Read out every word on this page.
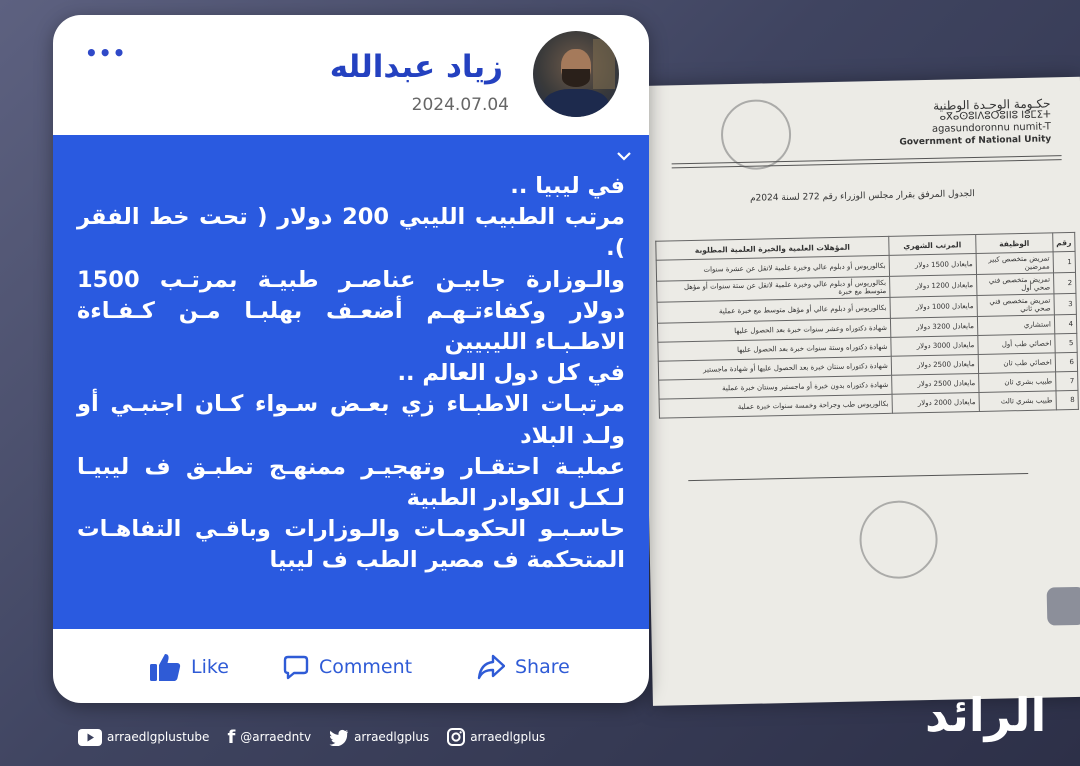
حكـومة الوحـدة الوطنية
ⴰⴳⴰⵙⵓⵏⴷⵓⵔⵓⵏⵏⵓ ⵏⵓⵎⵉⵜ
agasundoronnu numit-T
Government of National Unity
الجدول المرفق بقرار مجلس الوزراء رقم 272 لسنة 2024م
رقم	الوظيفة	المرتب الشهري	المؤهلات العلمية والخبرة العلمية المطلوبة
1	تمريض متخصص كبير ممرضين	مايعادل 1500 دولار	بكالوريوس أو دبلوم عالي وخبرة علمية لاتقل عن عشرة سنوات
2	تمريض متخصص فني صحي أول	مايعادل 1200 دولار	بكالوريوس أو دبلوم عالي وخبرة علمية لاتقل عن ستة سنوات أو مؤهل متوسط مع خبرة
3	تمريض متخصص فني صحي ثاني	مايعادل 1000 دولار	بكالوريوس أو دبلوم عالي أو مؤهل متوسط مع خبرة عملية
4	استشاري	مايعادل 3200 دولار	شهادة دكتوراه وعشر سنوات خبرة بعد الحصول عليها
5	اخصائي طب أول	مايعادل 3000 دولار	شهادة دكتوراه وستة سنوات خبرة بعد الحصول عليها
6	اخصائي طب ثان	مايعادل 2500 دولار	شهادة دكتوراه سنتان خبرة بعد الحصول عليها أو شهادة ماجستير
7	طبيب بشري ثان	مايعادل 2500 دولار	شهادة دكتوراه بدون خبرة أو ماجستير وسنتان خبرة عملية
8	طبيب بشري ثالث	مايعادل 2000 دولار	بكالوريوس طب وجراحة وخمسة سنوات خبرة عملية
•••	زياد عبدالله
2024.07.04

في ليبيا ..

مرتب الطبيب الليبي 200 دولار ( تحت خط الفقر ).

والـوزارة جابيـن عناصـر طبيـة بمرتـب 1500 دولار وكفاءتـهـم أضعـف بهلبـا مـن كـفـاءة الاطـبـاء الليبيين

في كل دول العالم ..

مرتبـات الاطبـاء زي بعـض سـواء كـان اجنبـي أو ولـد البلاد

عمليـة احتقـار وتهجيـر ممنهـج تطبـق ف ليبيـا لـكـل الكوادر الطبية

حاسـبـو الحكومـات والـوزارات وباقـي التفاهـات المتحكمة ف مصير الطب ف ليبيا

Like	Comment	Share
arraedlgplustube f @arraedntv	arraedlgplus	arraedlgplus	الرائد
